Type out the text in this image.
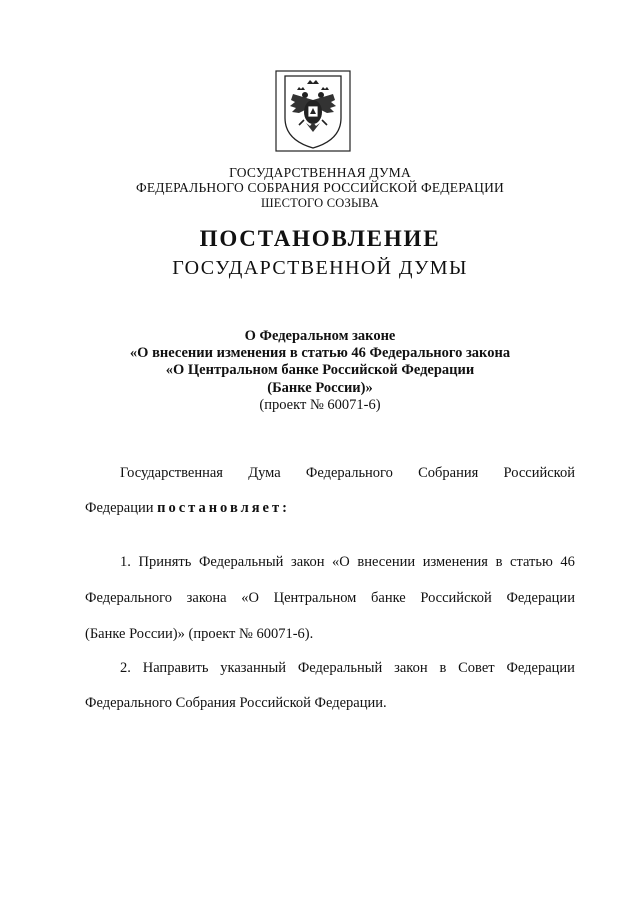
ГОСУДАРСТВЕННАЯ ДУМА
ФЕДЕРАЛЬНОГО СОБРАНИЯ РОССИЙСКОЙ ФЕДЕРАЦИИ
ШЕСТОГО СОЗЫВА
ПОСТАНОВЛЕНИЕ
ГОСУДАРСТВЕННОЙ ДУМЫ
О Федеральном законе
«О внесении изменения в статью 46 Федерального закона
«О Центральном банке Российской Федерации
(Банке России)»
(проект № 60071-6)
Государственная Дума Федерального Собрания Российской
Федерации постановляет:
1. Принять Федеральный закон «О внесении изменения в статью 46
Федерального закона «О Центральном банке Российской Федерации
(Банке России)» (проект № 60071-6).
2. Направить указанный Федеральный закон в Совет Федерации
Федерального Собрания Российской Федерации.
